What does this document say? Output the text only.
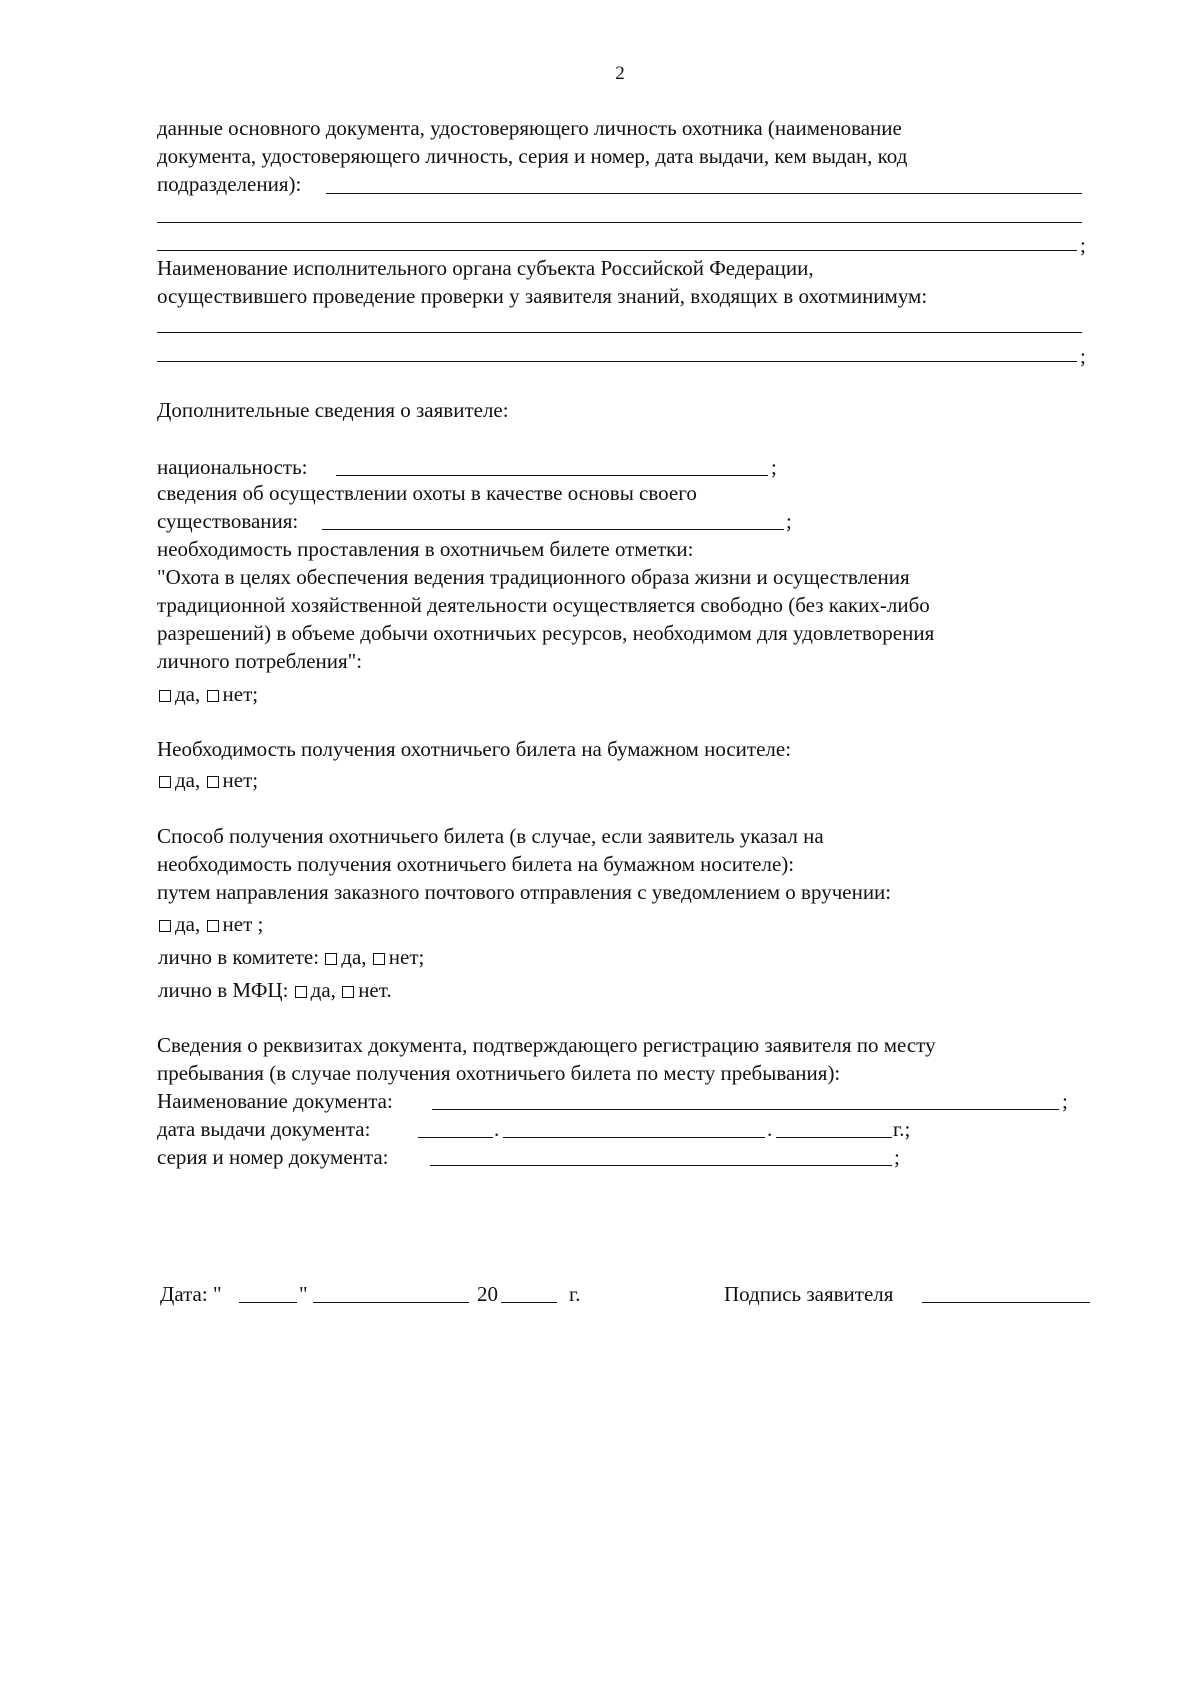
2
данные основного документа, удостоверяющего личность охотника (наименование
документа, удостоверяющего личность, серия и номер, дата выдачи, кем выдан, код
подразделения):
;
Наименование исполнительного органа субъекта Российской Федерации,
осуществившего проведение проверки у заявителя знаний, входящих в охотминимум:
;
Дополнительные сведения о заявителе:
национальность:	;
сведения об осуществлении охоты в качестве основы своего
существования:	;
необходимость проставления в охотничьем билете отметки:
"Охота в целях обеспечения ведения традиционного образа жизни и осуществления
традиционной хозяйственной деятельности осуществляется свободно (без каких-либо
разрешений) в объеме добычи охотничьих ресурсов, необходимом для удовлетворения
личного потребления":
да, нет;
Необходимость получения охотничьего билета на бумажном носителе:
да, нет;
Способ получения охотничьего билета (в случае, если заявитель указал на
необходимость получения охотничьего билета на бумажном носителе):
путем направления заказного почтового отправления с уведомлением о вручении:
да, нет ;
лично в комитете: да, нет;
лично в МФЦ: да, нет.
Сведения о реквизитах документа, подтверждающего регистрацию заявителя по месту
пребывания (в случае получения охотничьего билета по месту пребывания):
Наименование документа:	;
дата выдачи документа:	.	.	г.;
серия и номер документа:	;
Дата: "	"	20	г.	Подпись заявителя
